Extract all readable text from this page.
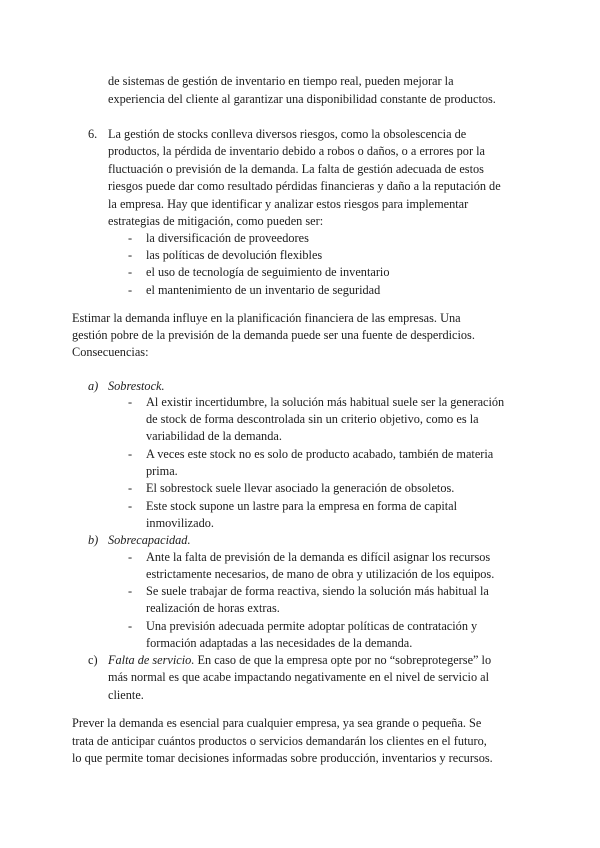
de sistemas de gestión de inventario en tiempo real, pueden mejorar la
experiencia del cliente al garantizar una disponibilidad constante de productos.
6. La gestión de stocks conlleva diversos riesgos, como la obsolescencia de
productos, la pérdida de inventario debido a robos o daños, o a errores por la
fluctuación o previsión de la demanda. La falta de gestión adecuada de estos
riesgos puede dar como resultado pérdidas financieras y daño a la reputación de
la empresa. Hay que identificar y analizar estos riesgos para implementar
estrategias de mitigación, como pueden ser:
- la diversificación de proveedores
- las políticas de devolución flexibles
- el uso de tecnología de seguimiento de inventario
- el mantenimiento de un inventario de seguridad
Estimar la demanda influye en la planificación financiera de las empresas. Una
gestión pobre de la previsión de la demanda puede ser una fuente de desperdicios.
Consecuencias:
a) Sobrestock.
- Al existir incertidumbre, la solución más habitual suele ser la generación
de stock de forma descontrolada sin un criterio objetivo, como es la
variabilidad de la demanda.
- A veces este stock no es solo de producto acabado, también de materia
prima.
- El sobrestock suele llevar asociado la generación de obsoletos.
- Este stock supone un lastre para la empresa en forma de capital
inmovilizado.
b) Sobrecapacidad.
- Ante la falta de previsión de la demanda es difícil asignar los recursos
estrictamente necesarios, de mano de obra y utilización de los equipos.
- Se suele trabajar de forma reactiva, siendo la solución más habitual la
realización de horas extras.
- Una previsión adecuada permite adoptar políticas de contratación y
formación adaptadas a las necesidades de la demanda.
c) Falta de servicio. En caso de que la empresa opte por no “sobreprotegerse” lo
más normal es que acabe impactando negativamente en el nivel de servicio al
cliente.
Prever la demanda es esencial para cualquier empresa, ya sea grande o pequeña. Se
trata de anticipar cuántos productos o servicios demandarán los clientes en el futuro,
lo que permite tomar decisiones informadas sobre producción, inventarios y recursos.
